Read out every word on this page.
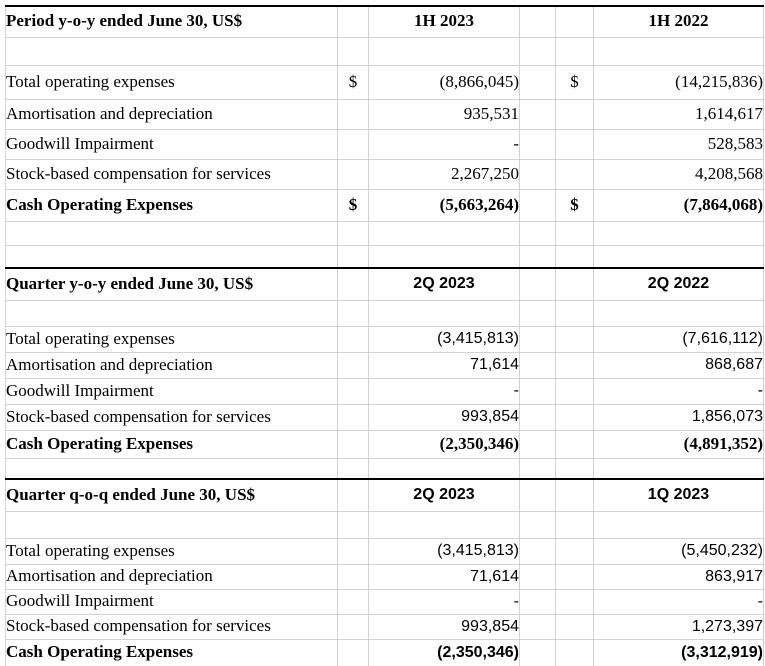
Period y-o-y ended June 30, US$		1H 2023			1H 2022

Total operating expenses	$	(8,866,045)		$	(14,215,836)
Amortisation and depreciation		935,531			1,614,617
Goodwill Impairment		-			528,583
Stock-based compensation for services		2,267,250			4,208,568
Cash Operating Expenses	$	(5,663,264)		$	(7,864,068)

Quarter y-o-y ended June 30, US$		2Q 2023			2Q 2022

Total operating expenses		(3,415,813)			(7,616,112)
Amortisation and depreciation		71,614			868,687
Goodwill Impairment		-			-
Stock-based compensation for services		993,854			1,856,073
Cash Operating Expenses		(2,350,346)			(4,891,352)

Quarter q-o-q ended June 30, US$		2Q 2023			1Q 2023

Total operating expenses		(3,415,813)			(5,450,232)
Amortisation and depreciation		71,614			863,917
Goodwill Impairment		-			-
Stock-based compensation for services		993,854			1,273,397
Cash Operating Expenses		(2,350,346)			(3,312,919)
